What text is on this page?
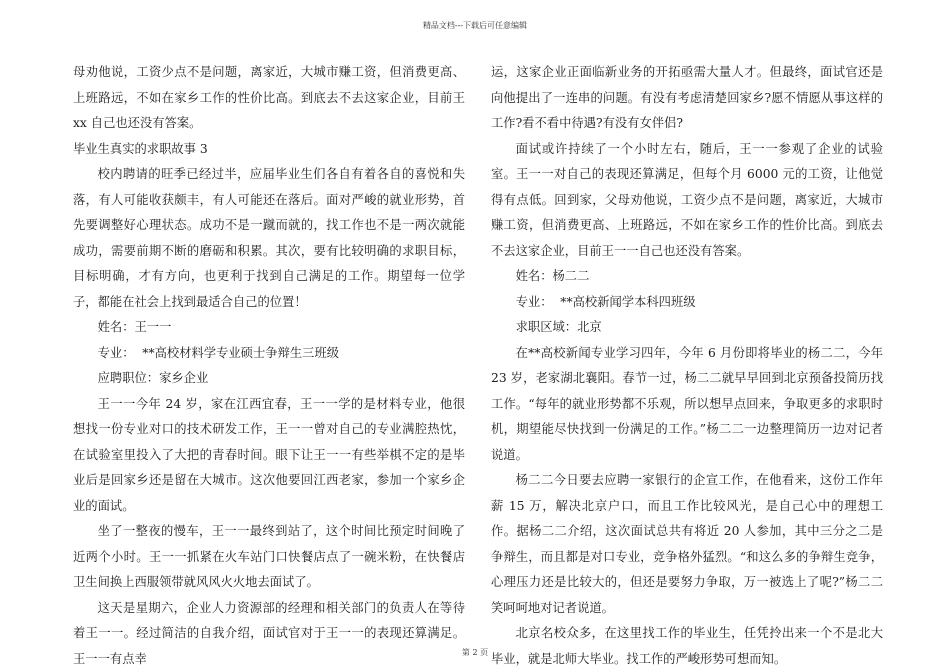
精品文档---下载后可任意编辑

母劝他说，工资少点不是问题，离家近，大城市赚工资，但消费更高、上班路远，不如在家乡工作的性价比高。到底去不去这家企业，目前王 xx 自己也还没有答案。

毕业生真实的求职故事 3

校内聘请的旺季已经过半，应届毕业生们各自有着各自的喜悦和失落，有人可能收获颇丰，有人可能还在落后。面对严峻的就业形势，首先要调整好心理状态。成功不是一蹴而就的，找工作也不是一两次就能成功，需要前期不断的磨砺和积累。其次，要有比较明确的求职目标，目标明确，才有方向，也更利于找到自己满足的工作。期望每一位学子，都能在社会上找到最适合自己的位置！

姓名：王一一

专业：  **高校材料学专业硕士争辩生三班级

应聘职位：家乡企业

王一一今年 24 岁，家在江西宜春，王一一学的是材料专业，他很想找一份专业对口的技术研发工作，王一一曾对自己的专业满腔热忱，在试验室里投入了大把的青春时间。眼下让王一一有些举棋不定的是毕业后是回家乡还是留在大城市。这次他要回江西老家，参加一个家乡企业的面试。

坐了一整夜的慢车，王一一最终到站了，这个时间比预定时间晚了近两个小时。王一一抓紧在火车站门口快餐店点了一碗米粉，在快餐店卫生间换上西服领带就风风火火地去面试了。

这天是星期六，企业人力资源部的经理和相关部门的负责人在等待着王一一。经过简洁的自我介绍，面试官对于王一一的表现还算满足。王一一有点幸

运，这家企业正面临新业务的开拓亟需大量人才。但最终，面试官还是向他提出了一连串的问题。有没有考虑清楚回家乡?愿不情愿从事这样的工作?看不看中待遇?有没有女伴侣?

面试或许持续了一个小时左右，随后，王一一参观了企业的试验室。王一一对自己的表现还算满足，但每个月 6000 元的工资，让他觉得有点低。回到家，父母劝他说，工资少点不是问题，离家近，大城市赚工资，但消费更高、上班路远，不如在家乡工作的性价比高。到底去不去这家企业，目前王一一自己也还没有答案。

姓名：杨二二

专业：  **高校新闻学本科四班级

求职区域：北京

在**高校新闻专业学习四年，今年 6 月份即将毕业的杨二二，今年 23 岁，老家湖北襄阳。春节一过，杨二二就早早回到北京预备投简历找工作。“每年的就业形势都不乐观，所以想早点回来，争取更多的求职时机，期望能尽快找到一份满足的工作。”杨二二一边整理简历一边对记者说道。

杨二二今日要去应聘一家银行的企宣工作，在他看来，这份工作年薪 15 万，解决北京户口，而且工作比较风光，是自己心中的理想工作。据杨二二介绍，这次面试总共有将近 20 人参加，其中三分之二是争辩生，而且都是对口专业，竞争格外猛烈。“和这么多的争辩生竞争，心理压力还是比较大的，但还是要努力争取，万一被选上了呢?”杨二二笑呵呵地对记者说道。

北京名校众多，在这里找工作的毕业生，任凭拎出来一个不是北大毕业，就是北师大毕业。找工作的严峻形势可想而知。

第 2 页
